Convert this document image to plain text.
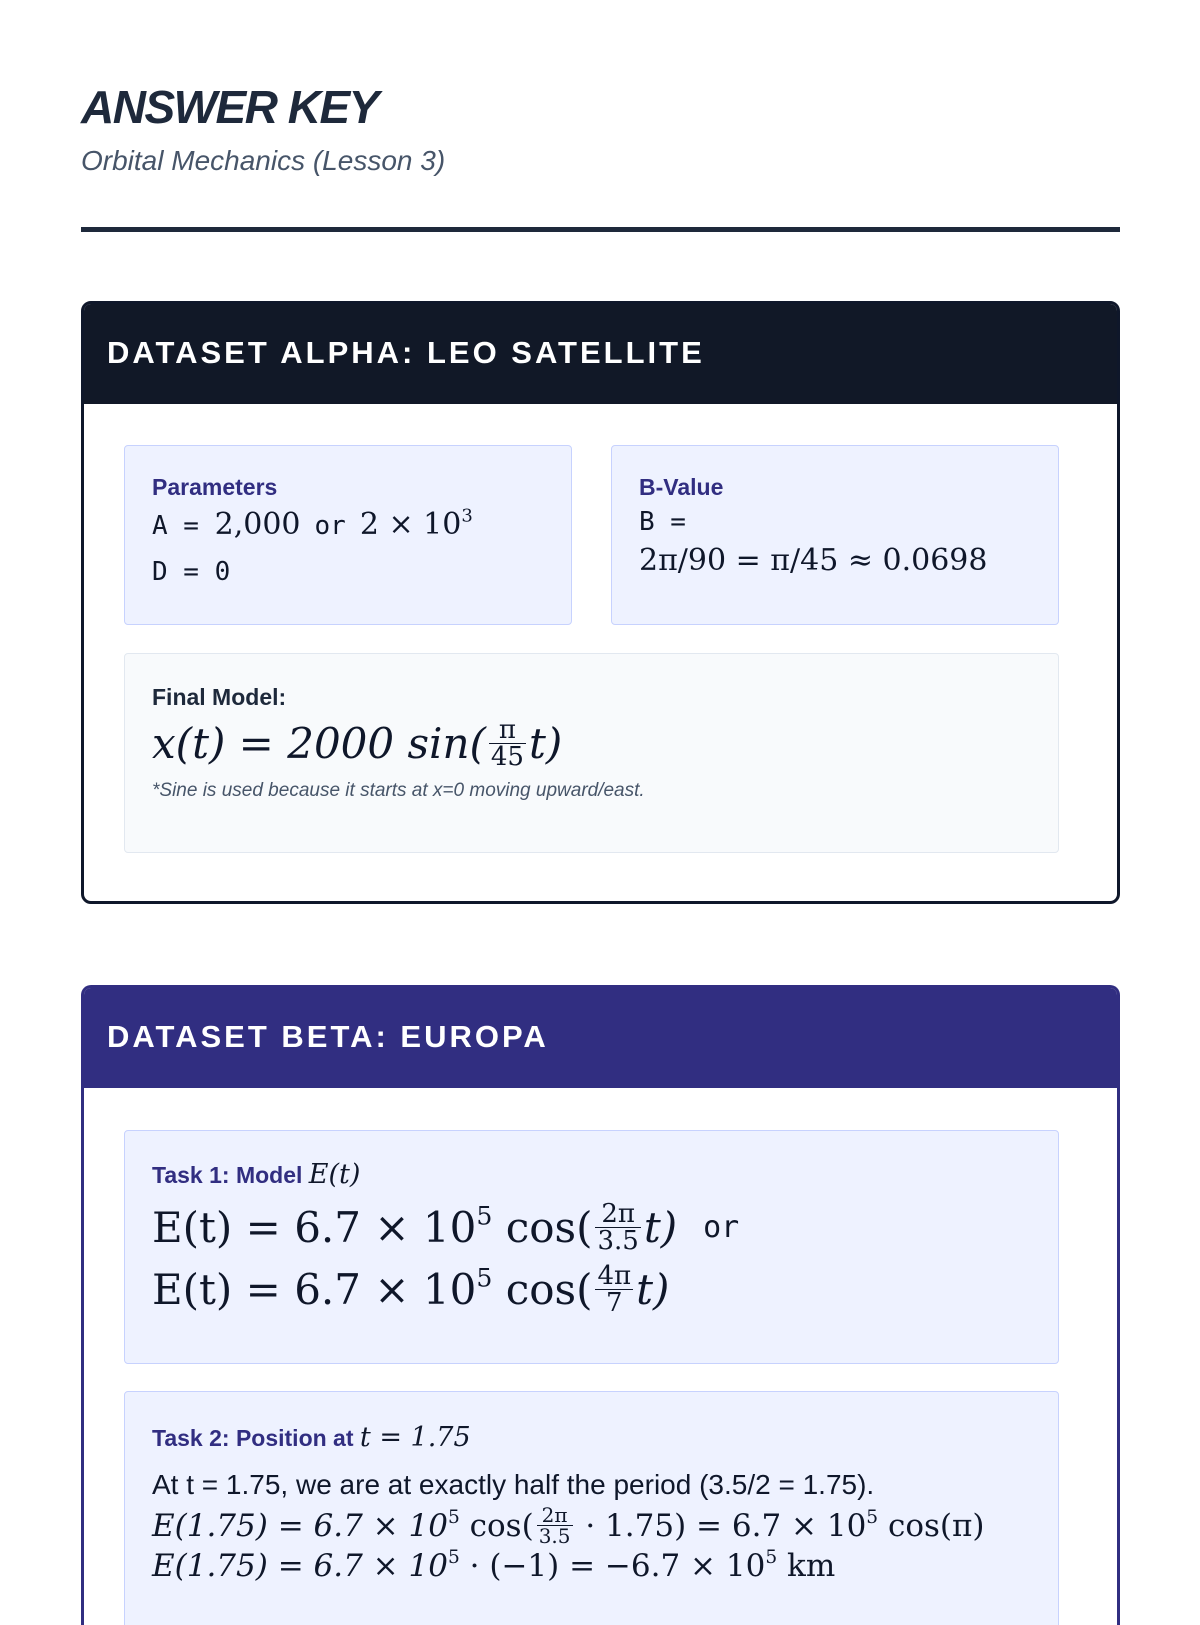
ANSWER KEY
Orbital Mechanics (Lesson 3)
DATASET ALPHA: LEO SATELLITE
Parameters
A = 2,000 or $2 \times 10^3$
D = 0
B-Value
B =
2π/90 = π/45 ≈ 0.0698
Final Model:
x(t) = 2000 $\sin( \frac{\pi}{45} t)$
*Sine is used because it starts at x=0 moving upward/east.
DATASET BETA: EUROPA
Task 1: Model E(t)
$E(t) = 6.7 \times 10^5$ $\cos( \frac{2\pi}{3.5} t)$ or
$E(t) = 6.7 \times 10^5$ $\cos( \frac{4\pi}{7} t)$
Task 2: Position at t = 1.75
At t = 1.75, we are at exactly half the period (3.5/2 = 1.75).
$E(1.75) = 6.7 \times 10^5$ $\cos( \frac{2\pi}{3.5} \cdot 1.75) = 6.7 \times 10^5$ cos(π)
$E(1.75) = 6.7 \times 10^5 \cdot (-1) = -6.7 \times 10^5$ km
